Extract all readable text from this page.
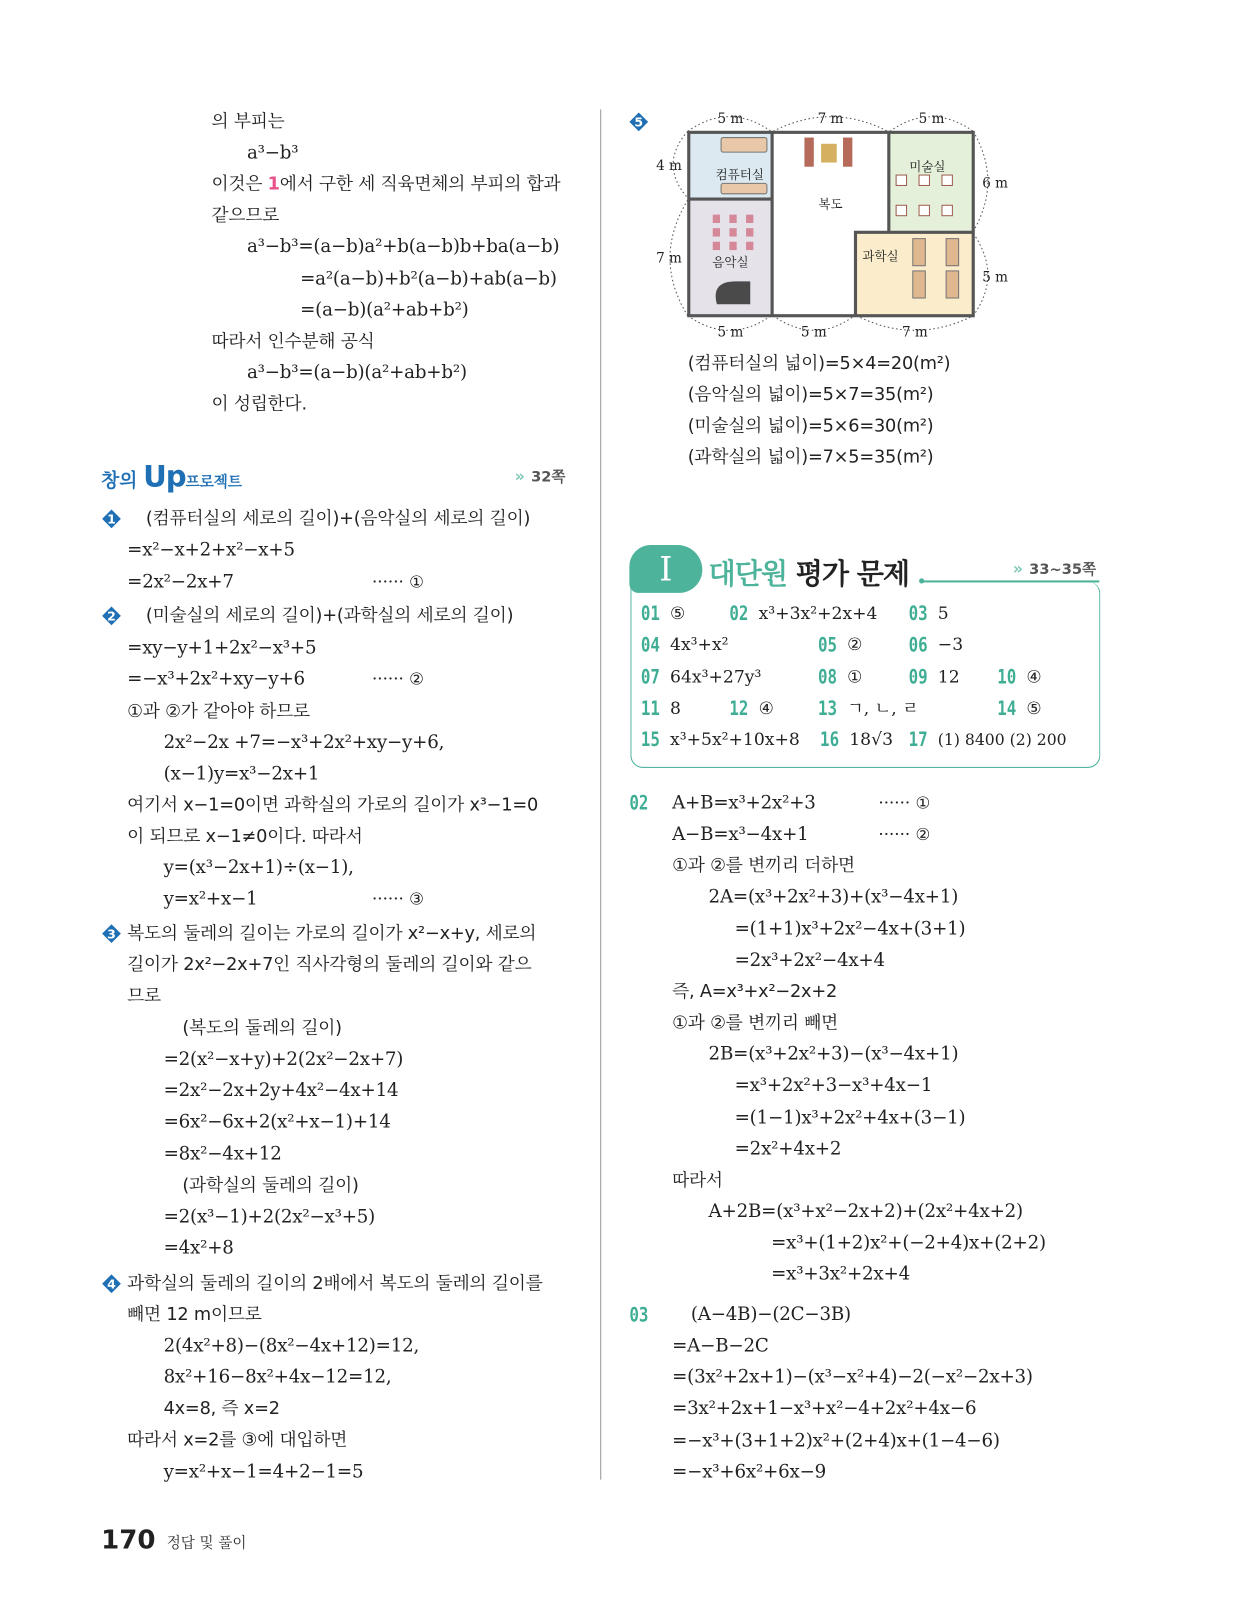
의 부피는
a³−b³
이것은 1에서 구한 세 직육면체의 부피의 합과
같으므로
a³−b³=(a−b)a²+b(a−b)b+ba(a−b)
=a²(a−b)+b²(a−b)+ab(a−b)
=(a−b)(a²+ab+b²)
따라서 인수분해 공식
a³−b³=(a−b)(a²+ab+b²)
이 성립한다.
창의 Up프로젝트	» 32쪽
(컴퓨터실의 세로의 길이)+(음악실의 세로의 길이)
1
=x²−x+2+x²−x+5
=2x²−2x+7	······ ①
(미술실의 세로의 길이)+(과학실의 세로의 길이)
2
=xy−y+1+2x²−x³+5
=−x³+2x²+xy−y+6	······ ②
①과 ②가 같아야 하므로
2x²−2x +7=−x³+2x²+xy−y+6,
(x−1)y=x³−2x+1
여기서 x−1=0이면 과학실의 가로의 길이가 x³−1=0
이 되므로 x−1≠0이다. 따라서
y=(x³−2x+1)÷(x−1),
y=x²+x−1	······ ③
복도의 둘레의 길이는 가로의 길이가 x²−x+y, 세로의
3
길이가 2x²−2x+7인 직사각형의 둘레의 길이와 같으
므로
(복도의 둘레의 길이)
=2(x²−x+y)+2(2x²−2x+7)
=2x²−2x+2y+4x²−4x+14
=6x²−6x+2(x²+x−1)+14
=8x²−4x+12
(과학실의 둘레의 길이)
=2(x³−1)+2(2x²−x³+5)
=4x²+8
과학실의 둘레의 길이의 2배에서 복도의 둘레의 길이를
4
빼면 12 m이므로
2(4x²+8)−(8x²−4x+12)=12,
8x²+16−8x²+4x−12=12,
4x=8, 즉 x=2
따라서 x=2를 ③에 대입하면
y=x²+x−1=4+2−1=5
5
컴퓨터실
복도
미술실
음악실	과학실
5 m	7 m	5 m
4 m
7 m
6 m
5 m
5 m	5 m	7 m
(컴퓨터실의 넓이)=5×4=20(m²)
(음악실의 넓이)=5×7=35(m²)
(미술실의 넓이)=5×6=30(m²)
(과학실의 넓이)=7×5=35(m²)
I	대단원 평가 문제	» 33~35쪽
01 ⑤ 02 x³+3x²+2x+4 03 5
04 4x³+x²	05 ② 06 −3
07 64x³+27y³	08 ① 09 12 10 ④
11 8	12 ④ 13 ㄱ, ㄴ, ㄹ	14 ⑤
15 x³+5x²+10x+8 16 18√3 17 (1) 8400 (2) 200
02 A+B=x³+2x²+3	······ ①
A−B=x³−4x+1	······ ②
①과 ②를 변끼리 더하면
2A=(x³+2x²+3)+(x³−4x+1)
=(1+1)x³+2x²−4x+(3+1)
=2x³+2x²−4x+4
즉, A=x³+x²−2x+2
①과 ②를 변끼리 빼면
2B=(x³+2x²+3)−(x³−4x+1)
=x³+2x²+3−x³+4x−1
=(1−1)x³+2x²+4x+(3−1)
=2x²+4x+2
따라서
A+2B=(x³+x²−2x+2)+(2x²+4x+2)
=x³+(1+2)x²+(−2+4)x+(2+2)
=x³+3x²+2x+4
03 (A−4B)−(2C−3B)
=A−B−2C
=(3x²+2x+1)−(x³−x²+4)−2(−x²−2x+3)
=3x²+2x+1−x³+x²−4+2x²+4x−6
=−x³+(3+1+2)x²+(2+4)x+(1−4−6)
=−x³+6x²+6x−9
170 정답 및 풀이
